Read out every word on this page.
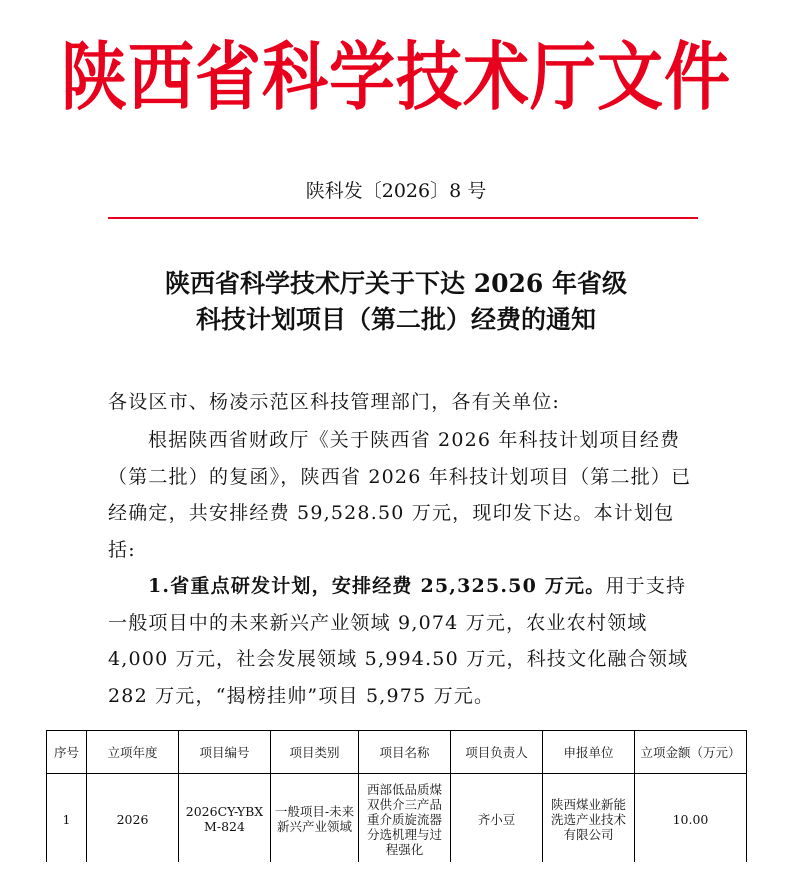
陕西省科学技术厅文件
陕科发〔2026〕8 号
陕西省科学技术厅关于下达 2026 年省级
科技计划项目（第二批）经费的通知
各设区市、杨凌示范区科技管理部门，各有关单位:
根据陕西省财政厅《关于陕西省 2026 年科技计划项目经费（第二批）的复函》，陕西省 2026 年科技计划项目（第二批）已经确定，共安排经费 59,528.50 万元，现印发下达。本计划包括:
1.省重点研发计划，安排经费 25,325.50 万元。用于支持一般项目中的未来新兴产业领域 9,074 万元，农业农村领域 4,000 万元，社会发展领域 5,994.50 万元，科技文化融合领域 282 万元，“揭榜挂帅”项目 5,975 万元。
序号	立项年度	项目编号	项目类别	项目名称	项目负责人	申报单位	立项金额（万元）
1	2026	2026CY-YBXM-824	一般项目-未来新兴产业领域	西部低品质煤双供介三产品重介质旋流器分选机理与过程强化	齐小豆	陕西煤业新能洗选产业技术有限公司	10.00
